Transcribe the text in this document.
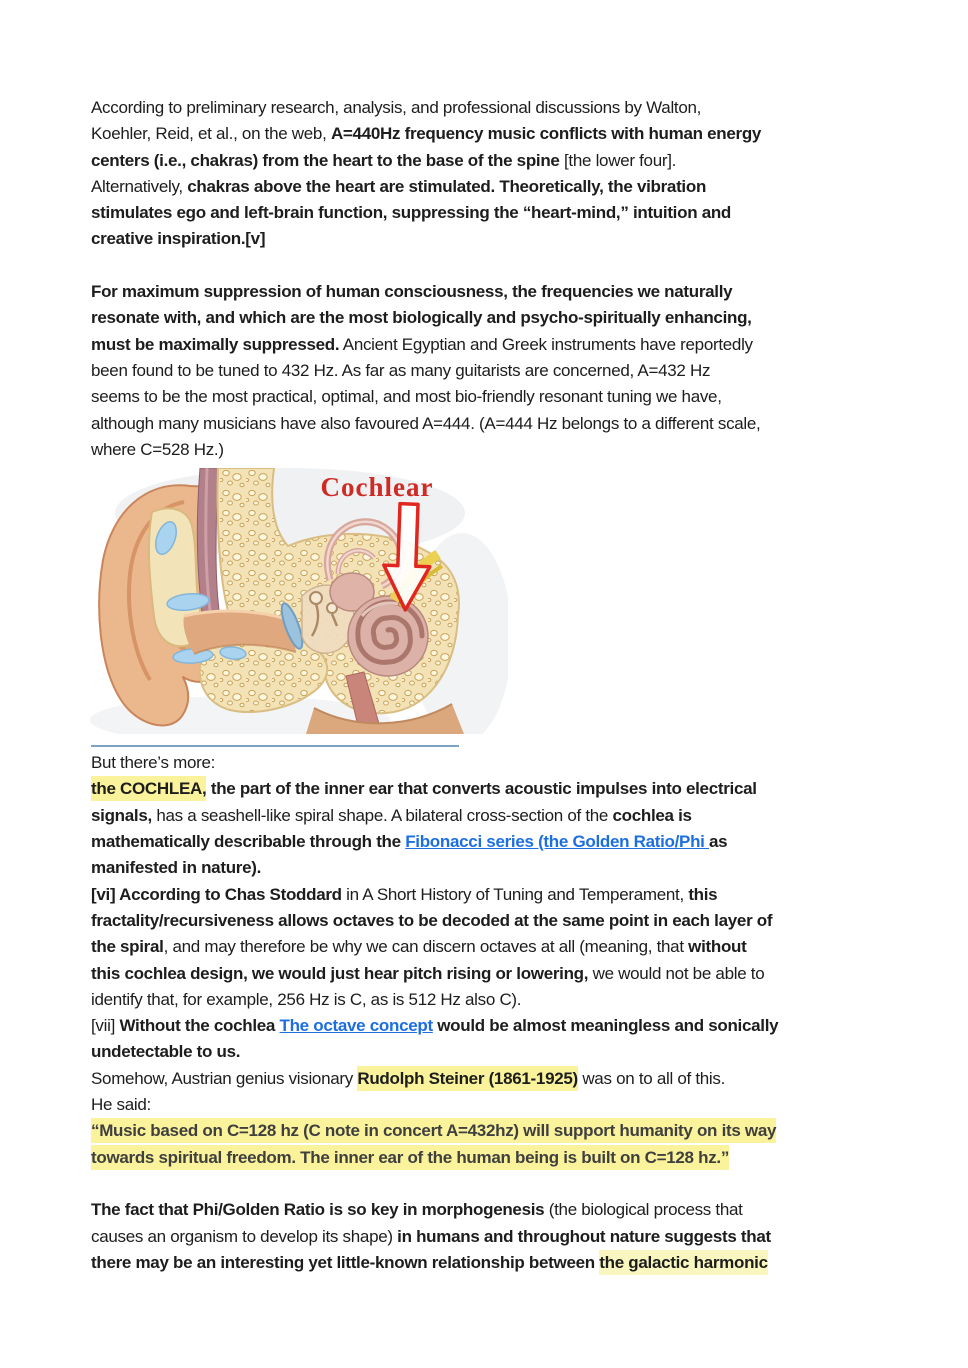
According to preliminary research, analysis, and professional discussions by Walton,
Koehler, Reid, et al., on the web, A=440Hz frequency music conflicts with human energy
centers (i.e., chakras) from the heart to the base of the spine [the lower four].
Alternatively, chakras above the heart are stimulated. Theoretically, the vibration
stimulates ego and left-brain function, suppressing the “heart-mind,” intuition and
creative inspiration.[v]
For maximum suppression of human consciousness, the frequencies we naturally
resonate with, and which are the most biologically and psycho-spiritually enhancing,
must be maximally suppressed. Ancient Egyptian and Greek instruments have reportedly
been found to be tuned to 432 Hz. As far as many guitarists are concerned, A=432 Hz
seems to be the most practical, optimal, and most bio-friendly resonant tuning we have,
although many musicians have also favoured A=444. (A=444 Hz belongs to a different scale,
where C=528 Hz.)
Cochlear
But there’s more:
the COCHLEA, the part of the inner ear that converts acoustic impulses into electrical
signals, has a seashell-like spiral shape. A bilateral cross-section of the cochlea is
mathematically describable through the Fibonacci series (the Golden Ratio/Phi as
manifested in nature).
[vi] According to Chas Stoddard in A Short History of Tuning and Temperament, this
fractality/recursiveness allows octaves to be decoded at the same point in each layer of
the spiral, and may therefore be why we can discern octaves at all (meaning, that without
this cochlea design, we would just hear pitch rising or lowering, we would not be able to
identify that, for example, 256 Hz is C, as is 512 Hz also C).
[vii] Without the cochlea The octave concept would be almost meaningless and sonically
undetectable to us.
Somehow, Austrian genius visionary Rudolph Steiner (1861-1925) was on to all of this.
He said:
“Music based on C=128 hz (C note in concert A=432hz) will support humanity on its way
towards spiritual freedom. The inner ear of the human being is built on C=128 hz.”
The fact that Phi/Golden Ratio is so key in morphogenesis (the biological process that
causes an organism to develop its shape) in humans and throughout nature suggests that
there may be an interesting yet little-known relationship between the galactic harmonic
